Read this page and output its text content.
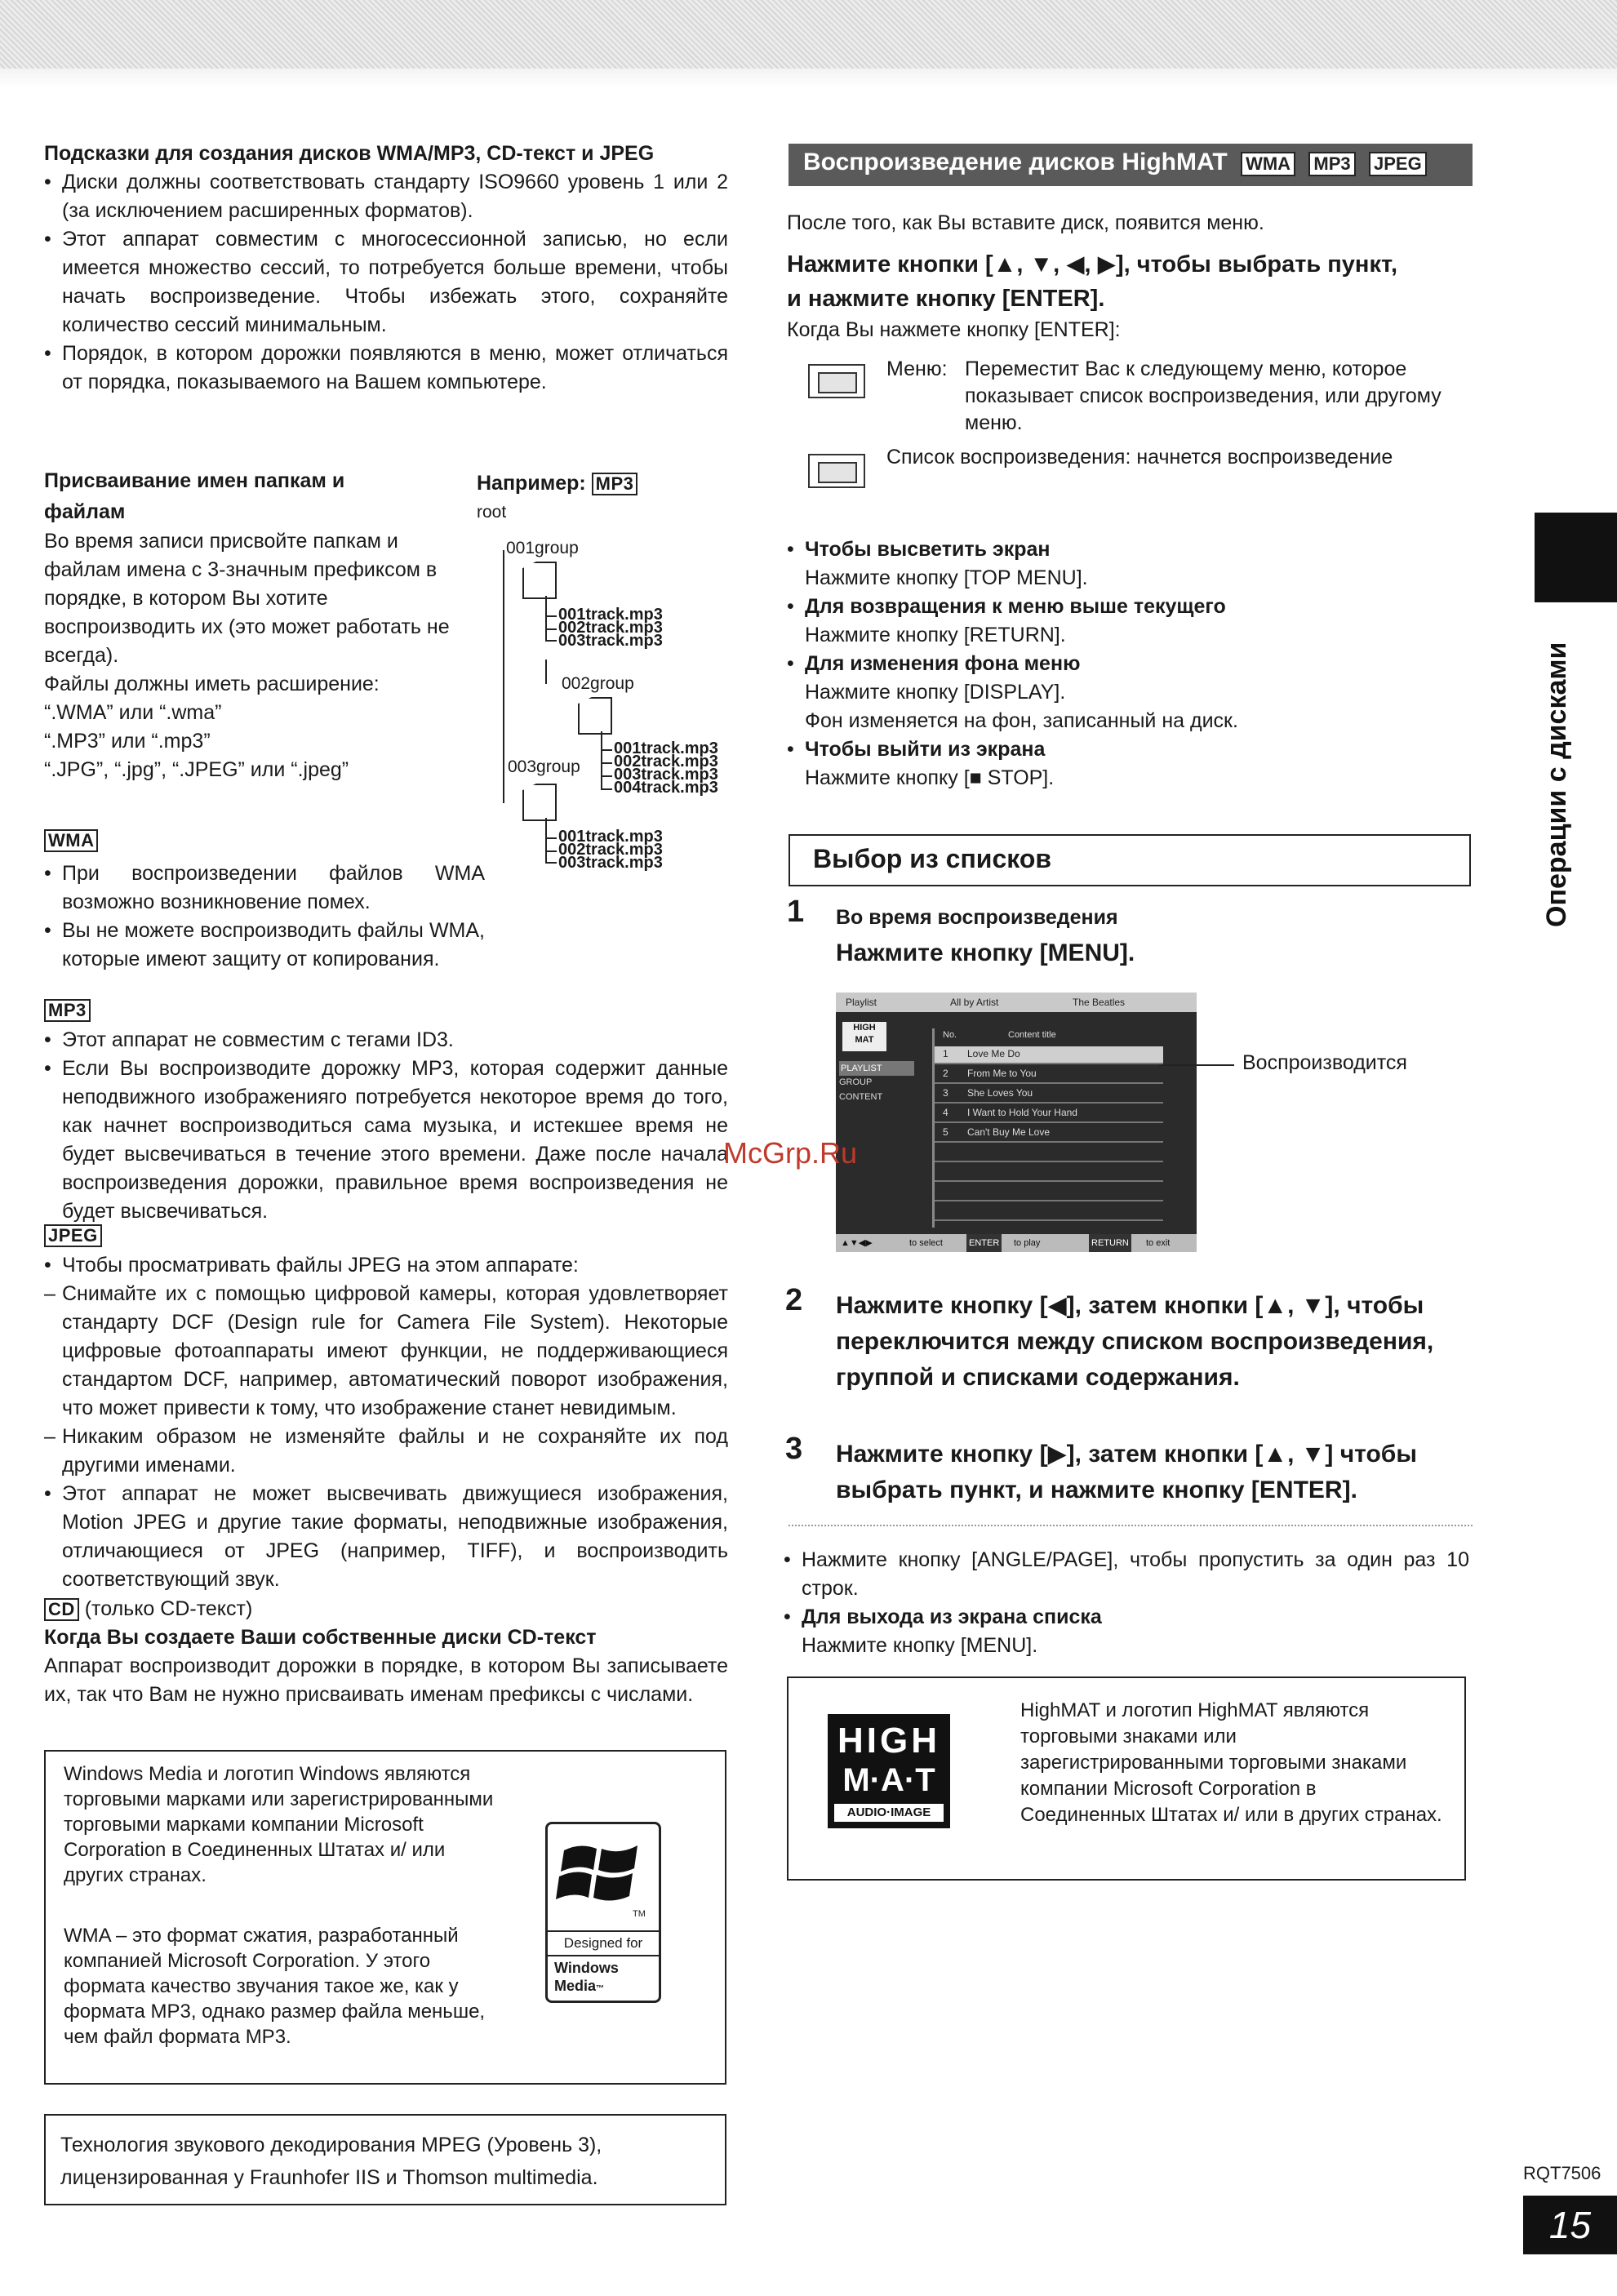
Подсказки для создания дисков WMA/MP3, CD-текст и JPEG
• Диски должны соответствовать стандарту ISO9660 уровень 1 или 2 (за исключением расширенных форматов).
• Этот аппарат совместим с многосессионной записью, но если имеется множество сессий, то потребуется больше времени, чтобы начать воспроизведение. Чтобы избежать этого, сохраняйте количество сессий минимальным.
• Порядок, в котором дорожки появляются в меню, может отличаться от порядка, показываемого на Вашем компьютере.
Присваивание имен папкам и
файлам

Во время записи присвойте папкам и файлам имена с 3-значным префиксом в порядке, в котором Вы хотите воспроизводить их (это может работать не всегда).

Файлы должны иметь расширение:
“.WMA” или “.wma”
“.MP3” или “.mp3”
“.JPG”, “.jpg”, “.JPEG” или “.jpeg”
Например: MP3
root
001group
001track.mp3
002track.mp3
003track.mp3
002group
001track.mp3
002track.mp3
003track.mp3
004track.mp3
003group
001track.mp3
002track.mp3
003track.mp3
WMA
• При воспроизведении файлов WMA возможно возникновение помех.
• Вы не можете воспроизводить файлы WMA, которые имеют защиту от копирования.
MP3
• Этот аппарат не совместим с тегами ID3.
• Если Вы воспроизводите дорожку MP3, которая содержит данные неподвижного изображенияго потребуется некоторое время до того, как начнет воспроизводиться сама музыка, и истекшее время не будет высвечиваться в течение этого времени. Даже после начала воспроизведения дорожки, правильное время воспроизведения не будет высвечиваться.
JPEG
• Чтобы просматривать файлы JPEG на этом аппарате:
– Снимайте их с помощью цифровой камеры, которая удовлетворяет стандарту DCF (Design rule for Camera File System). Некоторые цифровые фотоаппараты имеют функции, не поддерживающиеся стандартом DCF, например, автоматический поворот изображения, что может привести к тому, что изображение станет невидимым.
– Никаким образом не изменяйте файлы и не сохраняйте их под другими именами.
• Этот аппарат не может высвечивать движущиеся изображения, Motion JPEG и другие такие форматы, неподвижные изображения, отличающиеся от JPEG (например, TIFF), и воспроизводить соответствующий звук.
CD (только CD-текст)
Когда Вы создаете Ваши собственные диски CD-текст

Аппарат воспроизводит дорожки в порядке, в котором Вы записываете их, так что Вам не нужно присваивать именам префиксы с числами.

Windows Media и логотип Windows являются торговыми марками или зарегистрированными торговыми марками компании Microsoft Corporation в Соединенных Штатах и/ или других странах.

WMA – это формат сжатия, разработанный компанией Microsoft Corporation. У этого формата качество звучания такое же, как у формата MP3, однако размер файла меньше, чем файл формата MP3.

TM
Designed for
Windows
Media™

Технология звукового декодирования MPEG (Уровень 3), лицензированная у Fraunhofer IIS и Thomson multimedia.

Воспроизведение дисков HighMAT WMA MP3 JPEG
После того, как Вы вставите диск, появится меню.
Нажмите кнопки [▲, ▼, ◀, ▶], чтобы выбрать пункт,
и нажмите кнопку [ENTER].
Когда Вы нажмете кнопку [ENTER]:
Меню: Переместит Вас к следующему меню, которое показывает список воспроизведения, или другому меню.
Список воспроизведения: начнется воспроизведение
• Чтобы высветить экран
Нажмите кнопку [TOP MENU].
• Для возвращения к меню выше текущего
Нажмите кнопку [RETURN].
• Для изменения фона меню
Нажмите кнопку [DISPLAY].
Фон изменяется на фон, записанный на диск.
• Чтобы выйти из экрана
Нажмите кнопку [■ STOP].
Выбор из списков
1 Во время воспроизведения
Нажмите кнопку [MENU].
Playlist	All by Artist	The Beatles
HIGH
MAT
PLAYLIST
GROUP
CONTENT
No.	Content title
1 Love Me Do
2 From Me to You
3 She Loves You
4 I Want to Hold Your Hand
5 Can't Buy Me Love
▲▼◀▶	to select	ENTER to play	RETURN to exit
Воспроизводится
2 Нажмите кнопку [◀], затем кнопки [▲, ▼], чтобы переключится между списком воспроизведения, группой и списками содержания.
3 Нажмите кнопку [▶], затем кнопки [▲, ▼] чтобы выбрать пункт, и нажмите кнопку [ENTER].
• Нажмите кнопку [ANGLE/PAGE], чтобы пропустить за один раз 10 строк.
• Для выхода из экрана списка
Нажмите кнопку [MENU].
HIGH
M·A·T
AUDIO·IMAGE

HighMAT и логотип HighMAT являются торговыми знаками или зарегистрированными торговыми знаками компании Microsoft Corporation в Соединенных Штатах и/ или в других странах.

Операции с дисками
McGrp.Ru
RQT7506
15
